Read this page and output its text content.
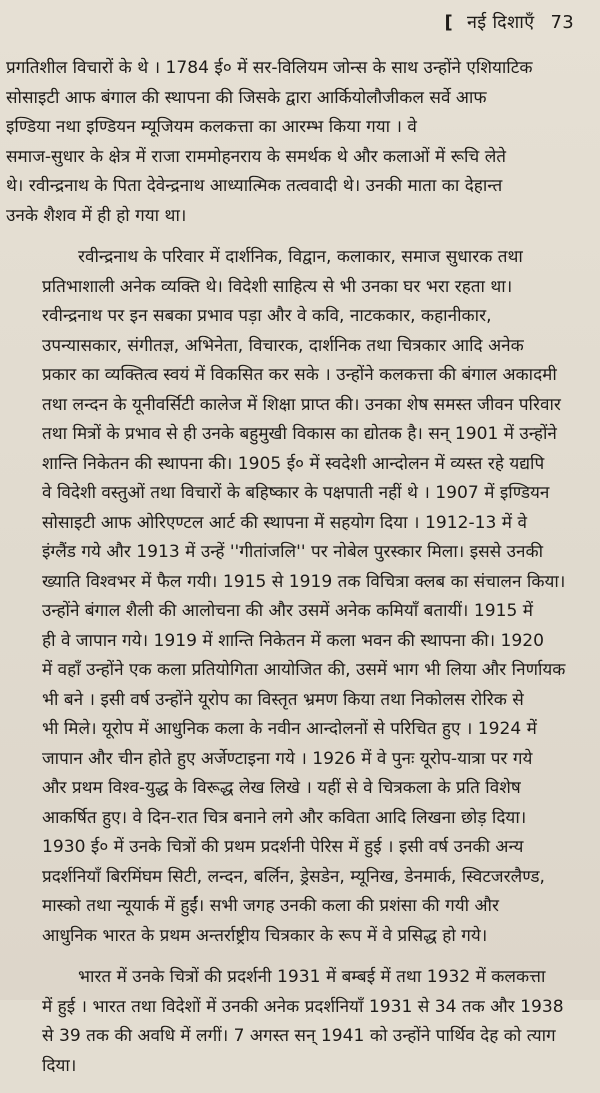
[ नई दिशाएँ 73

प्रगतिशील विचारों के थे । 1784 ई० में सर-विलियम जोन्स के साथ उन्होंने एशियाटिक
सोसाइटी आफ बंगाल की स्थापना की जिसके द्वारा आर्कियोलौजीकल सर्वे आफ
इण्डिया नथा इण्डियन म्यूजियम कलकत्ता का आरम्भ किया गया । वे
समाज-सुधार के क्षेत्र में राजा राममोहनराय के समर्थक थे और कलाओं में रूचि लेते
थे। रवीन्द्रनाथ के पिता देवेन्द्रनाथ आध्यात्मिक तत्ववादी थे। उनकी माता का देहान्त
उनके शैशव में ही हो गया था।

रवीन्द्रनाथ के परिवार में दार्शनिक, विद्वान, कलाकार, समाज सुधारक तथा
प्रतिभाशाली अनेक व्यक्ति थे। विदेशी साहित्य से भी उनका घर भरा रहता था।
रवीन्द्रनाथ पर इन सबका प्रभाव पड़ा और वे कवि, नाटककार, कहानीकार,
उपन्यासकार, संगीतज्ञ, अभिनेता, विचारक, दार्शनिक तथा चित्रकार आदि अनेक
प्रकार का व्यक्तित्व स्वयं में विकसित कर सके । उन्होंने कलकत्ता की बंगाल अकादमी
तथा लन्दन के यूनीवर्सिटी कालेज में शिक्षा प्राप्त की। उनका शेष समस्त जीवन परिवार
तथा मित्रों के प्रभाव से ही उनके बहुमुखी विकास का द्योतक है। सन् 1901 में उन्होंने
शान्ति निकेतन की स्थापना की। 1905 ई० में स्वदेशी आन्दोलन में व्यस्त रहे यद्यपि
वे विदेशी वस्तुओं तथा विचारों के बहिष्कार के पक्षपाती नहीं थे । 1907 में इण्डियन
सोसाइटी आफ ओरिएण्टल आर्ट की स्थापना में सहयोग दिया । 1912-13 में वे
इंग्लैंड गये और 1913 में उन्हें ''गीतांजलि'' पर नोबेल पुरस्कार मिला। इससे उनकी
ख्याति विश्वभर में फैल गयी। 1915 से 1919 तक विचित्रा क्लब का संचालन किया।
उन्होंने बंगाल शैली की आलोचना की और उसमें अनेक कमियाँ बतायीं। 1915 में
ही वे जापान गये। 1919 में शान्ति निकेतन में कला भवन की स्थापना की। 1920
में वहाँ उन्होंने एक कला प्रतियोगिता आयोजित की, उसमें भाग भी लिया और निर्णायक
भी बने । इसी वर्ष उन्होंने यूरोप का विस्तृत भ्रमण किया तथा निकोलस रोरिक से
भी मिले। यूरोप में आधुनिक कला के नवीन आन्दोलनों से परिचित हुए । 1924 में
जापान और चीन होते हुए अर्जेण्टाइना गये । 1926 में वे पुनः यूरोप-यात्रा पर गये
और प्रथम विश्व-युद्ध के विरूद्ध लेख लिखे । यहीं से वे चित्रकला के प्रति विशेष
आकर्षित हुए। वे दिन-रात चित्र बनाने लगे और कविता आदि लिखना छोड़ दिया।
1930 ई० में उनके चित्रों की प्रथम प्रदर्शनी पेरिस में हुई । इसी वर्ष उनकी अन्य
प्रदर्शनियाँ बिरमिंघम सिटी, लन्दन, बर्लिन, ड्रेसडेन, म्यूनिख, डेनमार्क, स्विटजरलैण्ड,
मास्को तथा न्यूयार्क में हुईं। सभी जगह उनकी कला की प्रशंसा की गयी और
आधुनिक भारत के प्रथम अन्तर्राष्ट्रीय चित्रकार के रूप में वे प्रसिद्ध हो गये।

भारत में उनके चित्रों की प्रदर्शनी 1931 में बम्बई में तथा 1932 में कलकत्ता
में हुई । भारत तथा विदेशों में उनकी अनेक प्रदर्शनियाँ 1931 से 34 तक और 1938
से 39 तक की अवधि में लगीं। 7 अगस्त सन् 1941 को उन्होंने पार्थिव देह को त्याग
दिया।
